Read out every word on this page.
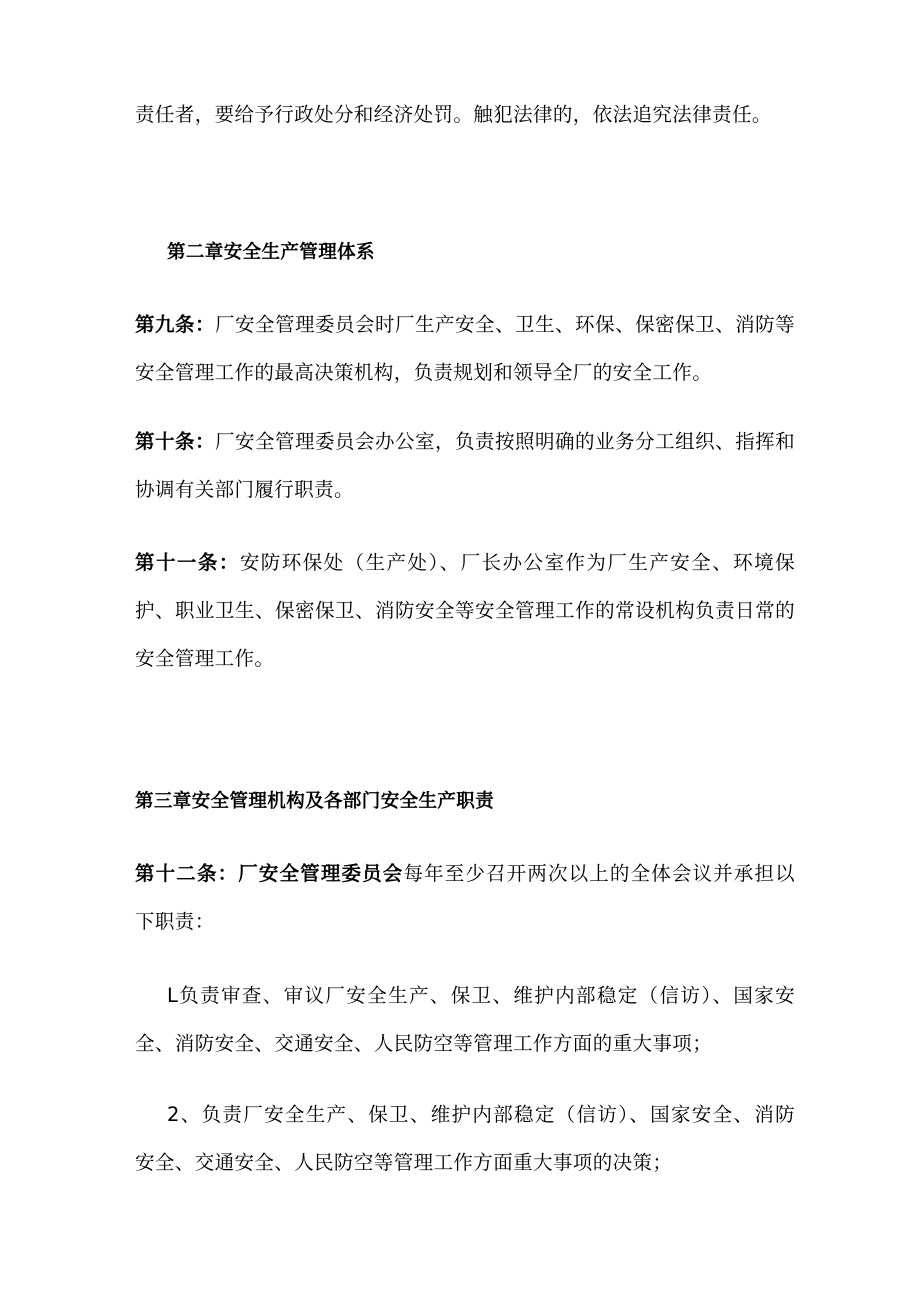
责任者，要给予行政处分和经济处罚。触犯法律的，依法追究法律责任。
第二章安全生产管理体系
第九条：厂安全管理委员会时厂生产安全、卫生、环保、保密保卫、消防等
安全管理工作的最高决策机构，负责规划和领导全厂的安全工作。
第十条：厂安全管理委员会办公室，负责按照明确的业务分工组织、指挥和
协调有关部门履行职责。
第十一条：安防环保处（生产处）、厂长办公室作为厂生产安全、环境保
护、职业卫生、保密保卫、消防安全等安全管理工作的常设机构负责日常的
安全管理工作。
第三章安全管理机构及各部门安全生产职责
第十二条：厂安全管理委员会每年至少召开两次以上的全体会议并承担以
下职责：
L负责审查、审议厂安全生产、保卫、维护内部稳定（信访）、国家安
全、消防安全、交通安全、人民防空等管理工作方面的重大事项；
2、负责厂安全生产、保卫、维护内部稳定（信访）、国家安全、消防
安全、交通安全、人民防空等管理工作方面重大事项的决策；
